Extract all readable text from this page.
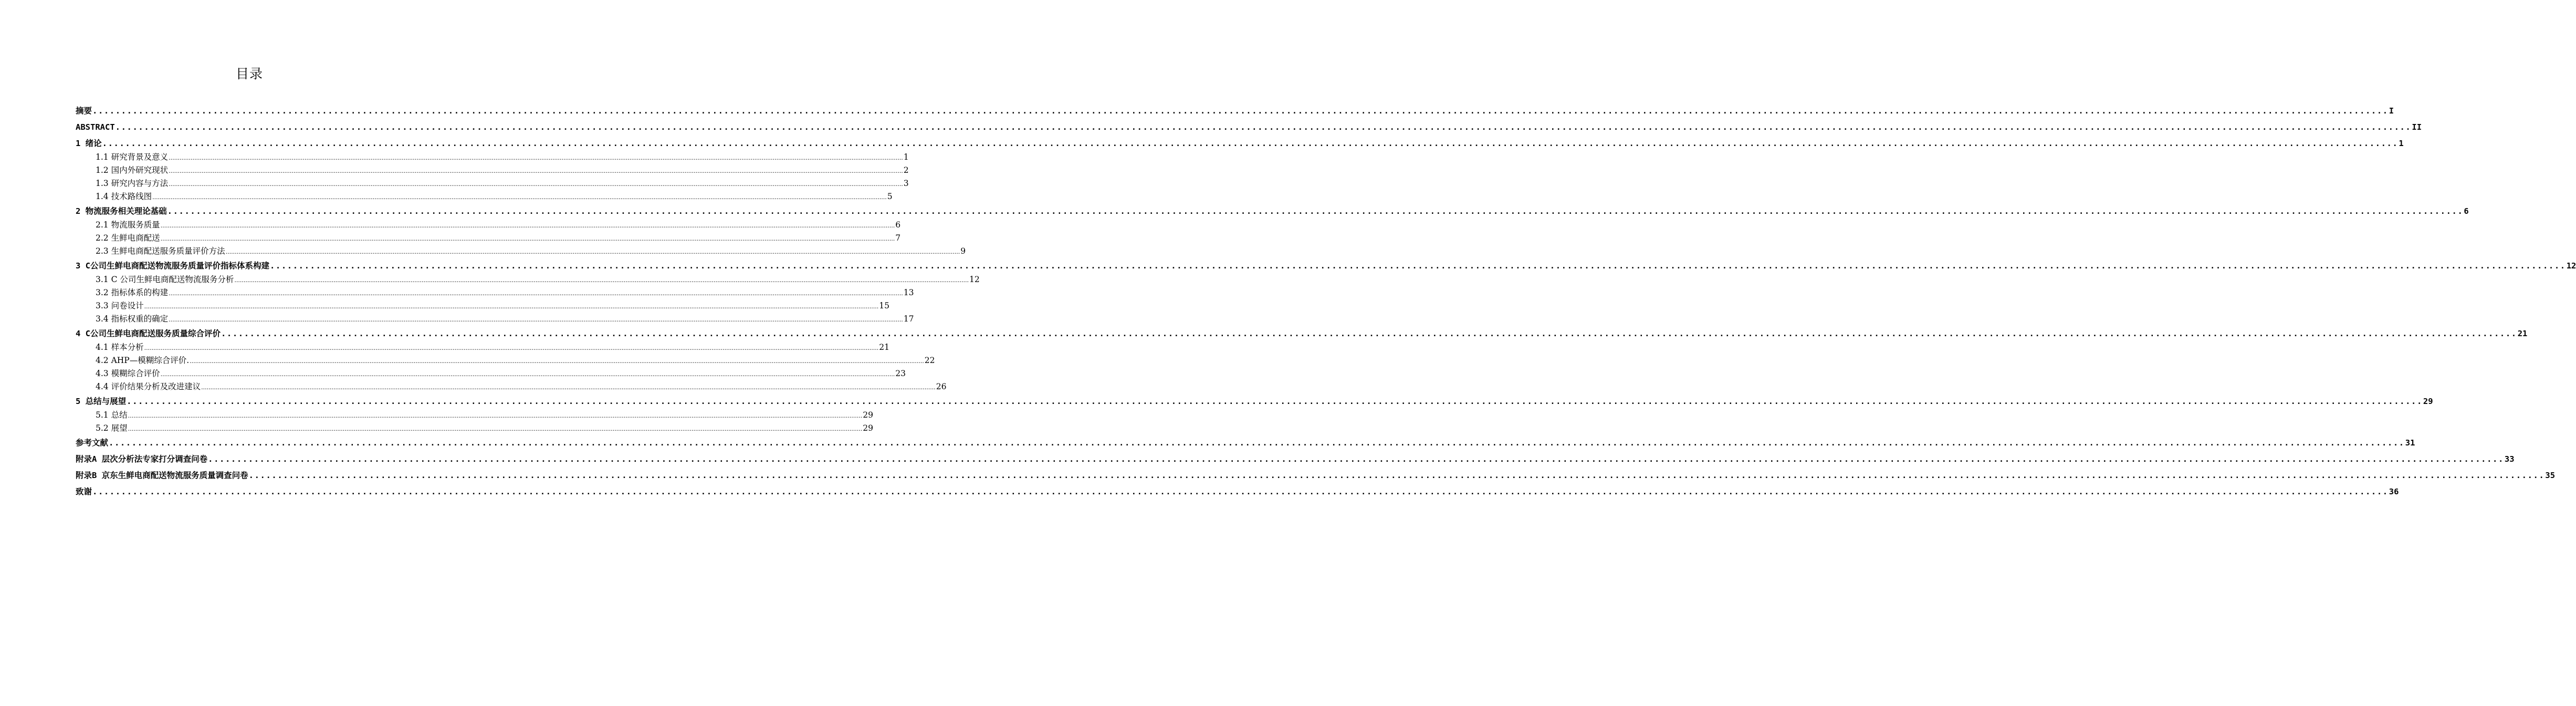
目录
摘要 ................................................................................................................................................................................................................................................................................................................................................................................................................ I
ABSTRACT ................................................................................................................................................................................................................................................................................................................................................................................................................ II
1 绪论 ................................................................................................................................................................................................................................................................................................................................................................................................................ 1
1.1 研究背景及意义 ................................................................................................................................................................................................................................................................................................................................................................................................................ 1
1.2 国内外研究现状 ................................................................................................................................................................................................................................................................................................................................................................................................................ 2
1.3 研究内容与方法 ................................................................................................................................................................................................................................................................................................................................................................................................................ 3
1.4 技术路线图 ................................................................................................................................................................................................................................................................................................................................................................................................................ 5
2 物流服务相关理论基础 ................................................................................................................................................................................................................................................................................................................................................................................................................ 6
2.1 物流服务质量 ................................................................................................................................................................................................................................................................................................................................................................................................................ 6
2.2 生鲜电商配送 ................................................................................................................................................................................................................................................................................................................................................................................................................ 7
2.3 生鲜电商配送服务质量评价方法 ................................................................................................................................................................................................................................................................................................................................................................................................................ 9
3 C公司生鲜电商配送物流服务质量评价指标体系构建 ................................................................................................................................................................................................................................................................................................................................................................................................................ 12
3.1 C 公司生鲜电商配送物流服务分析 ................................................................................................................................................................................................................................................................................................................................................................................................................ 12
3.2 指标体系的构建 ................................................................................................................................................................................................................................................................................................................................................................................................................ 13
3.3 问卷设计 ................................................................................................................................................................................................................................................................................................................................................................................................................ 15
3.4 指标权重的确定 ................................................................................................................................................................................................................................................................................................................................................................................................................ 17
4 C公司生鲜电商配送服务质量综合评价 ................................................................................................................................................................................................................................................................................................................................................................................................................ 21
4.1 样本分析 ................................................................................................................................................................................................................................................................................................................................................................................................................ 21
4.2 AHP—模糊综合评价. ................................................................................................................................................................................................................................................................................................................................................................................................................ 22
4.3 模糊综合评价 ................................................................................................................................................................................................................................................................................................................................................................................................................ 23
4.4 评价结果分析及改进建议 ................................................................................................................................................................................................................................................................................................................................................................................................................ 26
5 总结与展望 ................................................................................................................................................................................................................................................................................................................................................................................................................ 29
5.1 总结 ................................................................................................................................................................................................................................................................................................................................................................................................................ 29
5.2 展望 ................................................................................................................................................................................................................................................................................................................................................................................................................ 29
参考文献 ................................................................................................................................................................................................................................................................................................................................................................................................................ 31
附录A 层次分析法专家打分调查问卷 ................................................................................................................................................................................................................................................................................................................................................................................................................ 33
附录B 京东生鲜电商配送物流服务质量调查问卷 ................................................................................................................................................................................................................................................................................................................................................................................................................ 35
致谢 ................................................................................................................................................................................................................................................................................................................................................................................................................ 36
